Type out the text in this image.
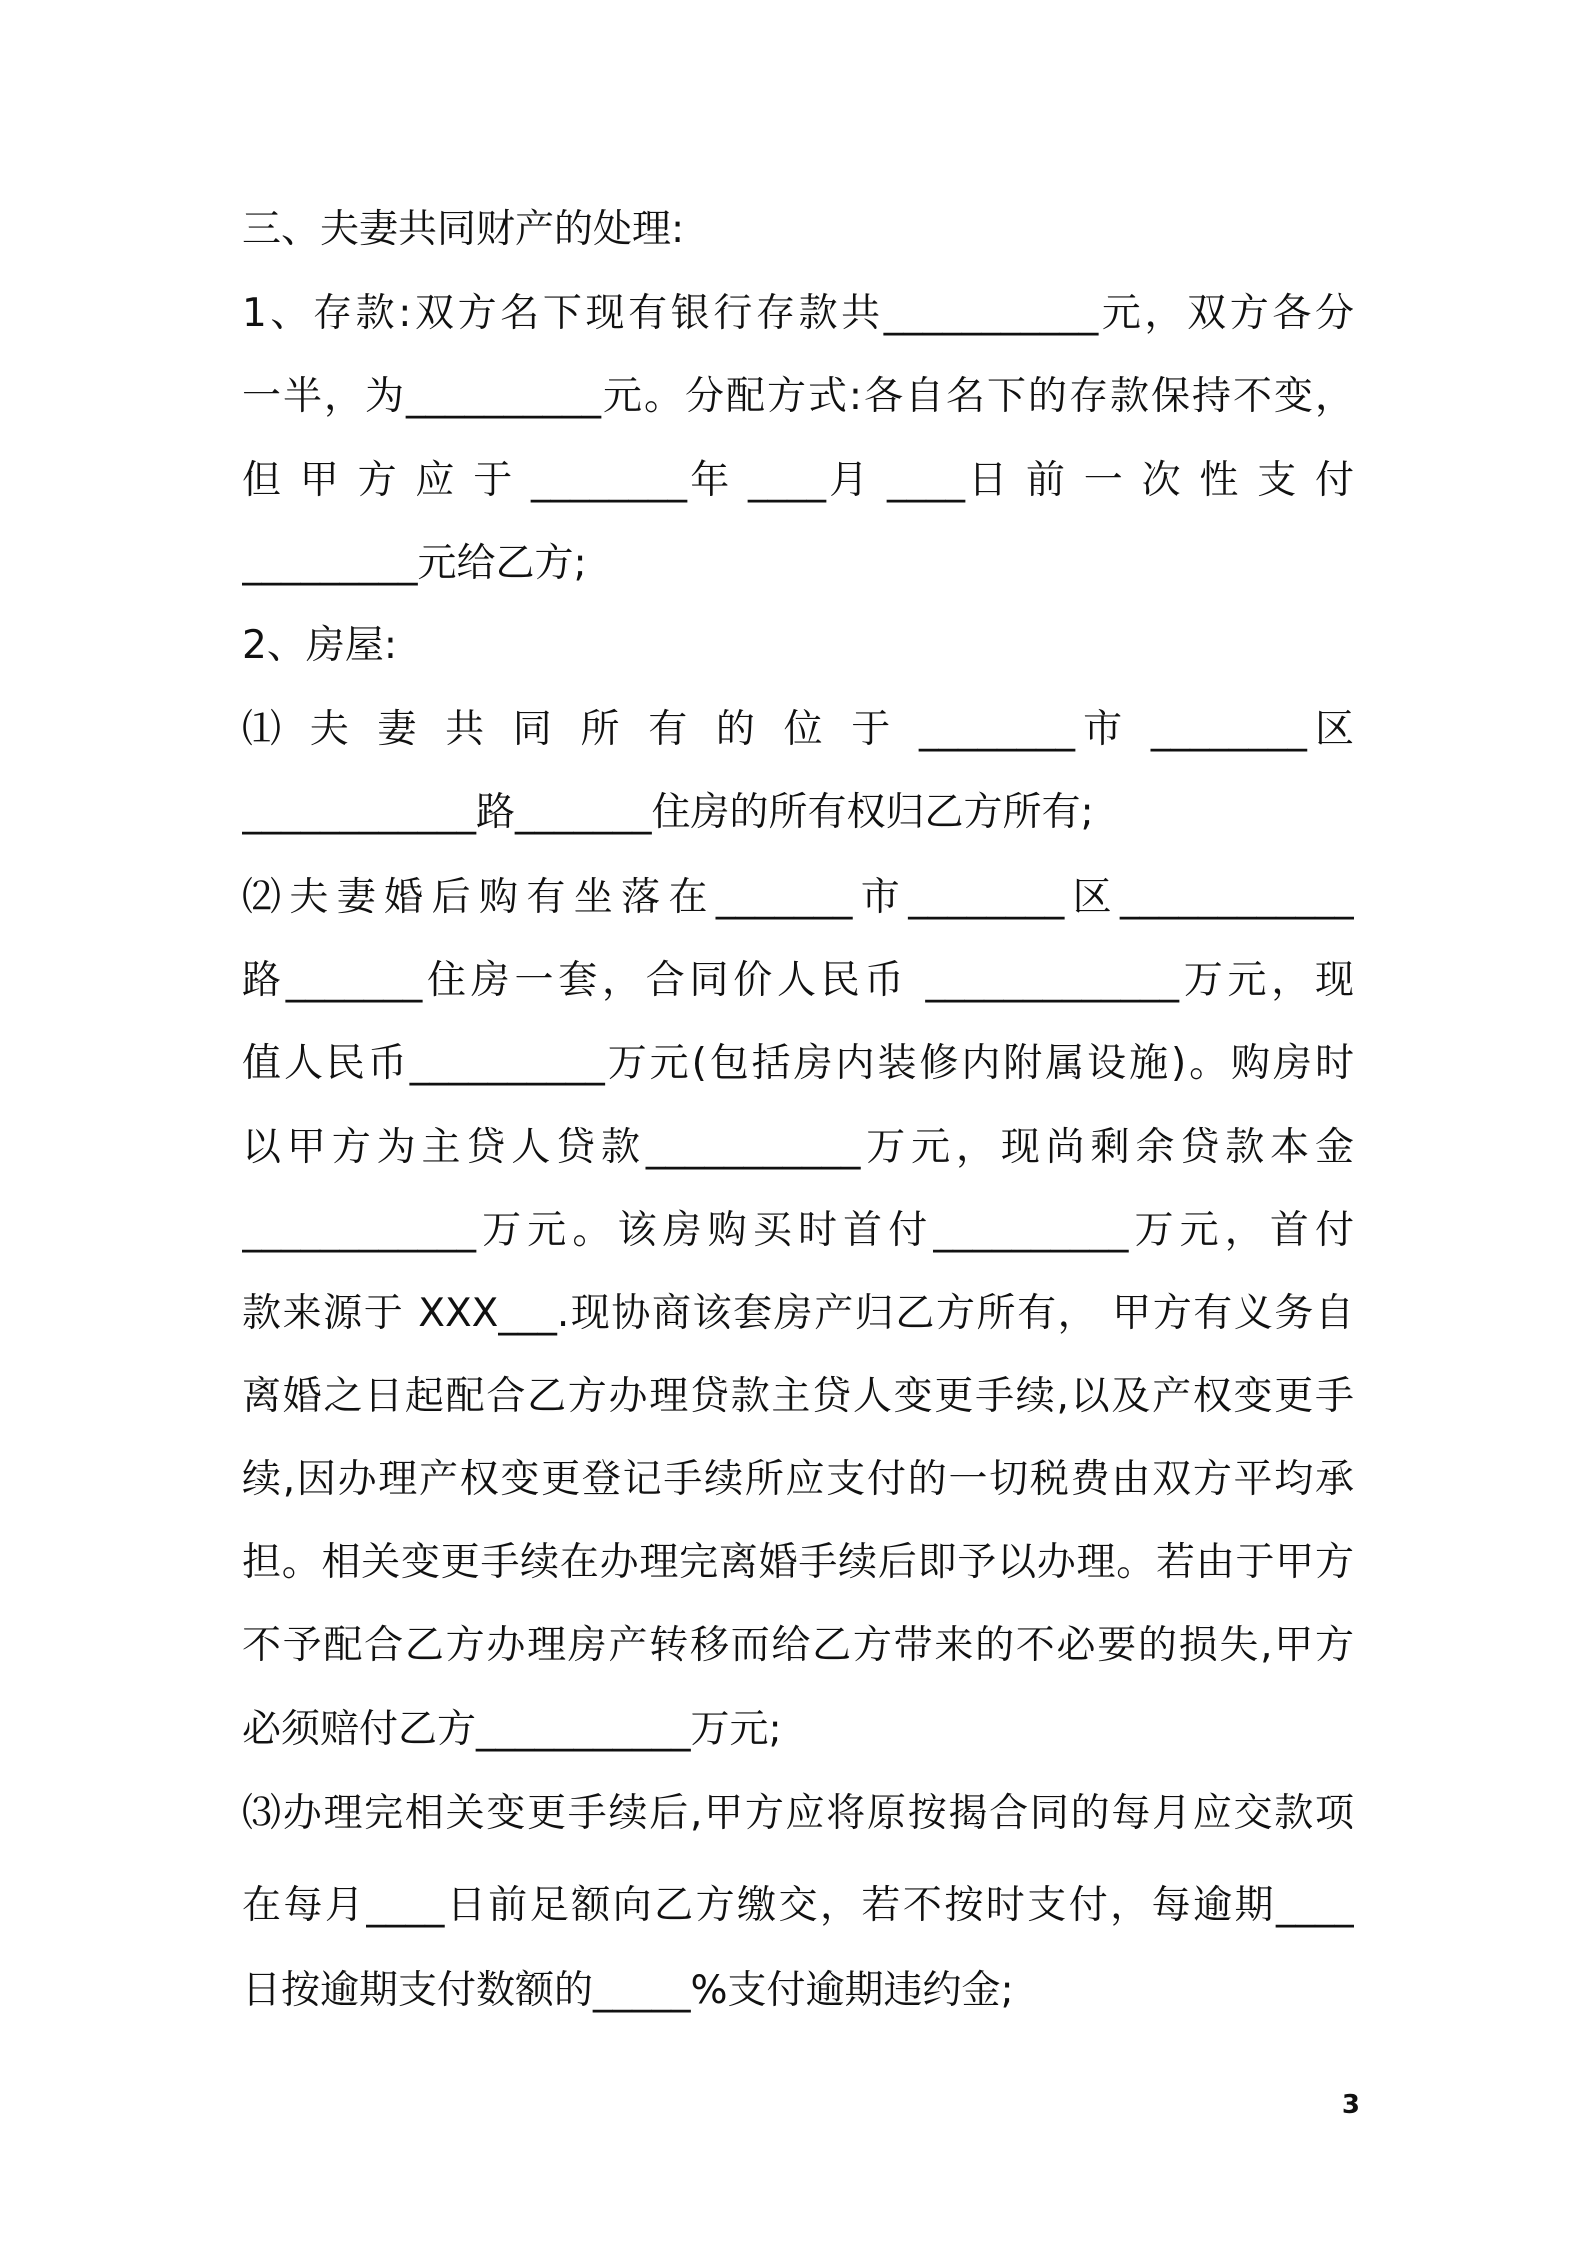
三、夫妻共同财产的处理:
1、存款:双方名下现有银行存款共___________元，双方各分
一半，为__________元。分配方式:各自名下的存款保持不变，
但 甲 方 应 于 ________年 ____月 ____日 前 一 次 性 支 付
_________元给乙方;
2、房屋:
⑴ 夫 妻 共 同 所 有 的 位 于 ________市 ________区
____________路_______住房的所有权归乙方所有;
⑵夫妻婚后购有坐落在_______市________区____________
路_______住房一套，合同价人民币 _____________万元，现
值人民币__________万元(包括房内装修内附属设施)。购房时
以甲方为主贷人贷款___________万元，现尚剩余贷款本金
____________万元。该房购买时首付__________万元，首付
款来源于 XXX___.现协商该套房产归乙方所有， 甲方有义务自
离婚之日起配合乙方办理贷款主贷人变更手续,以及产权变更手
续,因办理产权变更登记手续所应支付的一切税费由双方平均承
担。相关变更手续在办理完离婚手续后即予以办理。若由于甲方
不予配合乙方办理房产转移而给乙方带来的不必要的损失,甲方
必须赔付乙方___________万元;
⑶办理完相关变更手续后,甲方应将原按揭合同的每月应交款项
在每月____日前足额向乙方缴交，若不按时支付，每逾期____
日按逾期支付数额的_____%支付逾期违约金;
3
